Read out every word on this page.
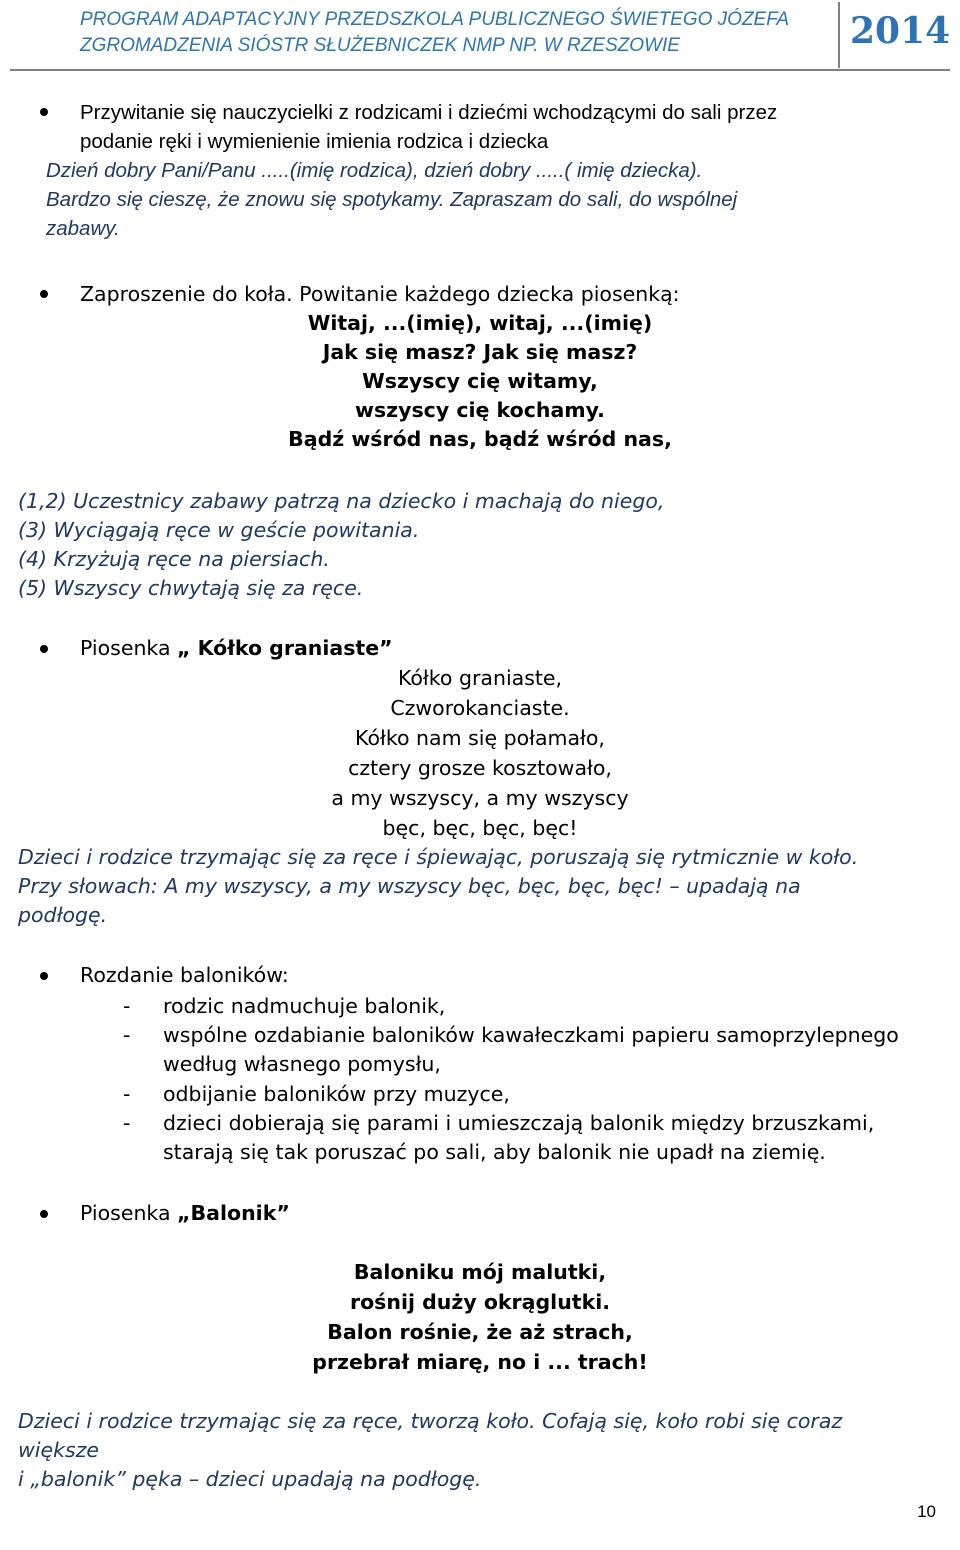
PROGRAM ADAPTACYJNY PRZEDSZKOLA PUBLICZNEGO ŚWIETEGO JÓZEFA
ZGROMADZENIA SIÓSTR SŁUŻEBNICZEK NMP NP. W RZESZOWIE	2014
Przywitanie się nauczycielki z rodzicami i dziećmi wchodzącymi do sali przez
podanie ręki i wymienienie imienia rodzica i dziecka
Dzień dobry Pani/Panu .....(imię rodzica), dzień dobry .....( imię dziecka).
Bardzo się cieszę, że znowu się spotykamy. Zapraszam do sali, do wspólnej
zabawy.
Zaproszenie do koła. Powitanie każdego dziecka piosenką:
Witaj, ...(imię), witaj, ...(imię)
Jak się masz? Jak się masz?
Wszyscy cię witamy,
wszyscy cię kochamy.
Bądź wśród nas, bądź wśród nas,
(1,2) Uczestnicy zabawy patrzą na dziecko i machają do niego,
(3) Wyciągają ręce w geście powitania.
(4) Krzyżują ręce na piersiach.
(5) Wszyscy chwytają się za ręce.
Piosenka „ Kółko graniaste”
Kółko graniaste,
Czworokanciaste.
Kółko nam się połamało,
cztery grosze kosztowało,
a my wszyscy, a my wszyscy
bęc, bęc, bęc, bęc!
Dzieci i rodzice trzymając się za ręce i śpiewając, poruszają się rytmicznie w koło.
Przy słowach: A my wszyscy, a my wszyscy bęc, bęc, bęc, bęc! – upadają na
podłogę.
Rozdanie baloników:
- rodzic nadmuchuje balonik,
- wspólne ozdabianie baloników kawałeczkami papieru samoprzylepnego
według własnego pomysłu,
- odbijanie baloników przy muzyce,
- dzieci dobierają się parami i umieszczają balonik między brzuszkami,
starają się tak poruszać po sali, aby balonik nie upadł na ziemię.
Piosenka „Balonik”
Baloniku mój malutki,
rośnij duży okrąglutki.
Balon rośnie, że aż strach,
przebrał miarę, no i ... trach!
Dzieci i rodzice trzymając się za ręce, tworzą koło. Cofają się, koło robi się coraz
większe
i „balonik” pęka – dzieci upadają na podłogę.
10
